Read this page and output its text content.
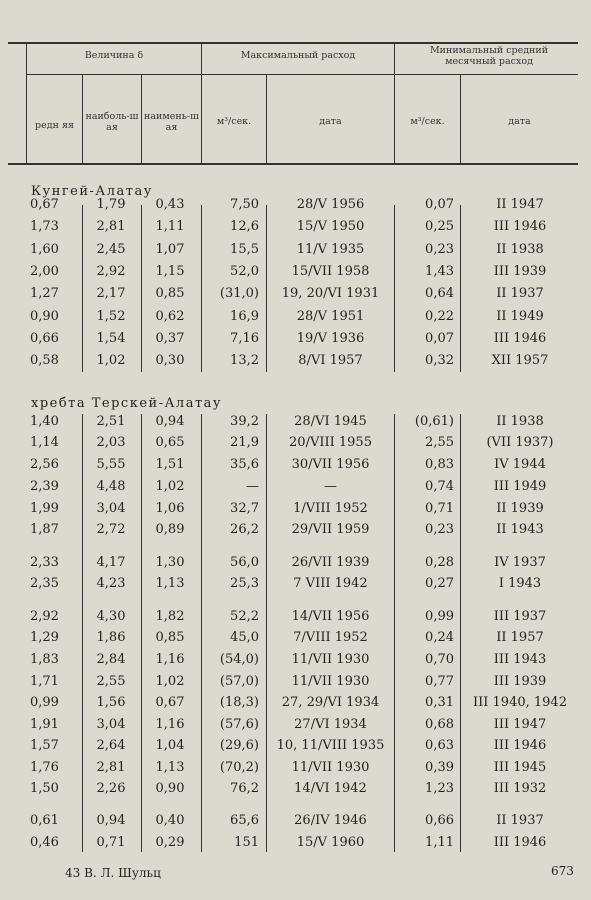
Величина δ
редн яя
наиболь-шая
наимень-шая
Максимальный расход
м³/сек.	дата
Минимальный средний месячный расход
м³/сек.	дата
Кунгей-Алатау
хребта Терскей-Алатау
0,67	1,79	0,43	7,50	28/V 1956	0,07	II 1947
1,73	2,81	1,11	12,6	15/V 1950	0,25	III 1946
1,60	2,45	1,07	15,5	11/V 1935	0,23	II 1938
2,00	2,92	1,15	52,0	15/VII 1958	1,43	III 1939
1,27	2,17	0,85	(31,0)	19, 20/VI 1931	0,64	II 1937
0,90	1,52	0,62	16,9	28/V 1951	0,22	II 1949
0,66	1,54	0,37	7,16	19/V 1936	0,07	III 1946
0,58	1,02	0,30	13,2	8/VI 1957	0,32	XII 1957
1,40	2,51	0,94	39,2	28/VI 1945	(0,61)	II 1938
1,14	2,03	0,65	21,9	20/VIII 1955	2,55	(VII 1937)
2,56	5,55	1,51	35,6	30/VII 1956	0,83	IV 1944
2,39	4,48	1,02	—	—	0,74	III 1949
1,99	3,04	1,06	32,7	1/VIII 1952	0,71	II 1939
1,87	2,72	0,89	26,2	29/VII 1959	0,23	II 1943
2,33	4,17	1,30	56,0	26/VII 1939	0,28	IV 1937
2,35	4,23	1,13	25,3	7 VIII 1942	0,27	I 1943
2,92	4,30	1,82	52,2	14/VII 1956	0,99	III 1937
1,29	1,86	0,85	45,0	7/VIII 1952	0,24	II 1957
1,83	2,84	1,16	(54,0)	11/VII 1930	0,70	III 1943
1,71	2,55	1,02	(57,0)	11/VII 1930	0,77	III 1939
0,99	1,56	0,67	(18,3)	27, 29/VI 1934	0,31	III 1940, 1942
1,91	3,04	1,16	(57,6)	27/VI 1934	0,68	III 1947
1,57	2,64	1,04	(29,6)	10, 11/VIII 1935	0,63	III 1946
1,76	2,81	1,13	(70,2)	11/VII 1930	0,39	III 1945
1,50	2,26	0,90	76,2	14/VI 1942	1,23	III 1932
0,61	0,94	0,40	65,6	26/IV 1946	0,66	II 1937
0,46	0,71	0,29	151	15/V 1960	1,11	III 1946
43 В. Л. Шульц	673
